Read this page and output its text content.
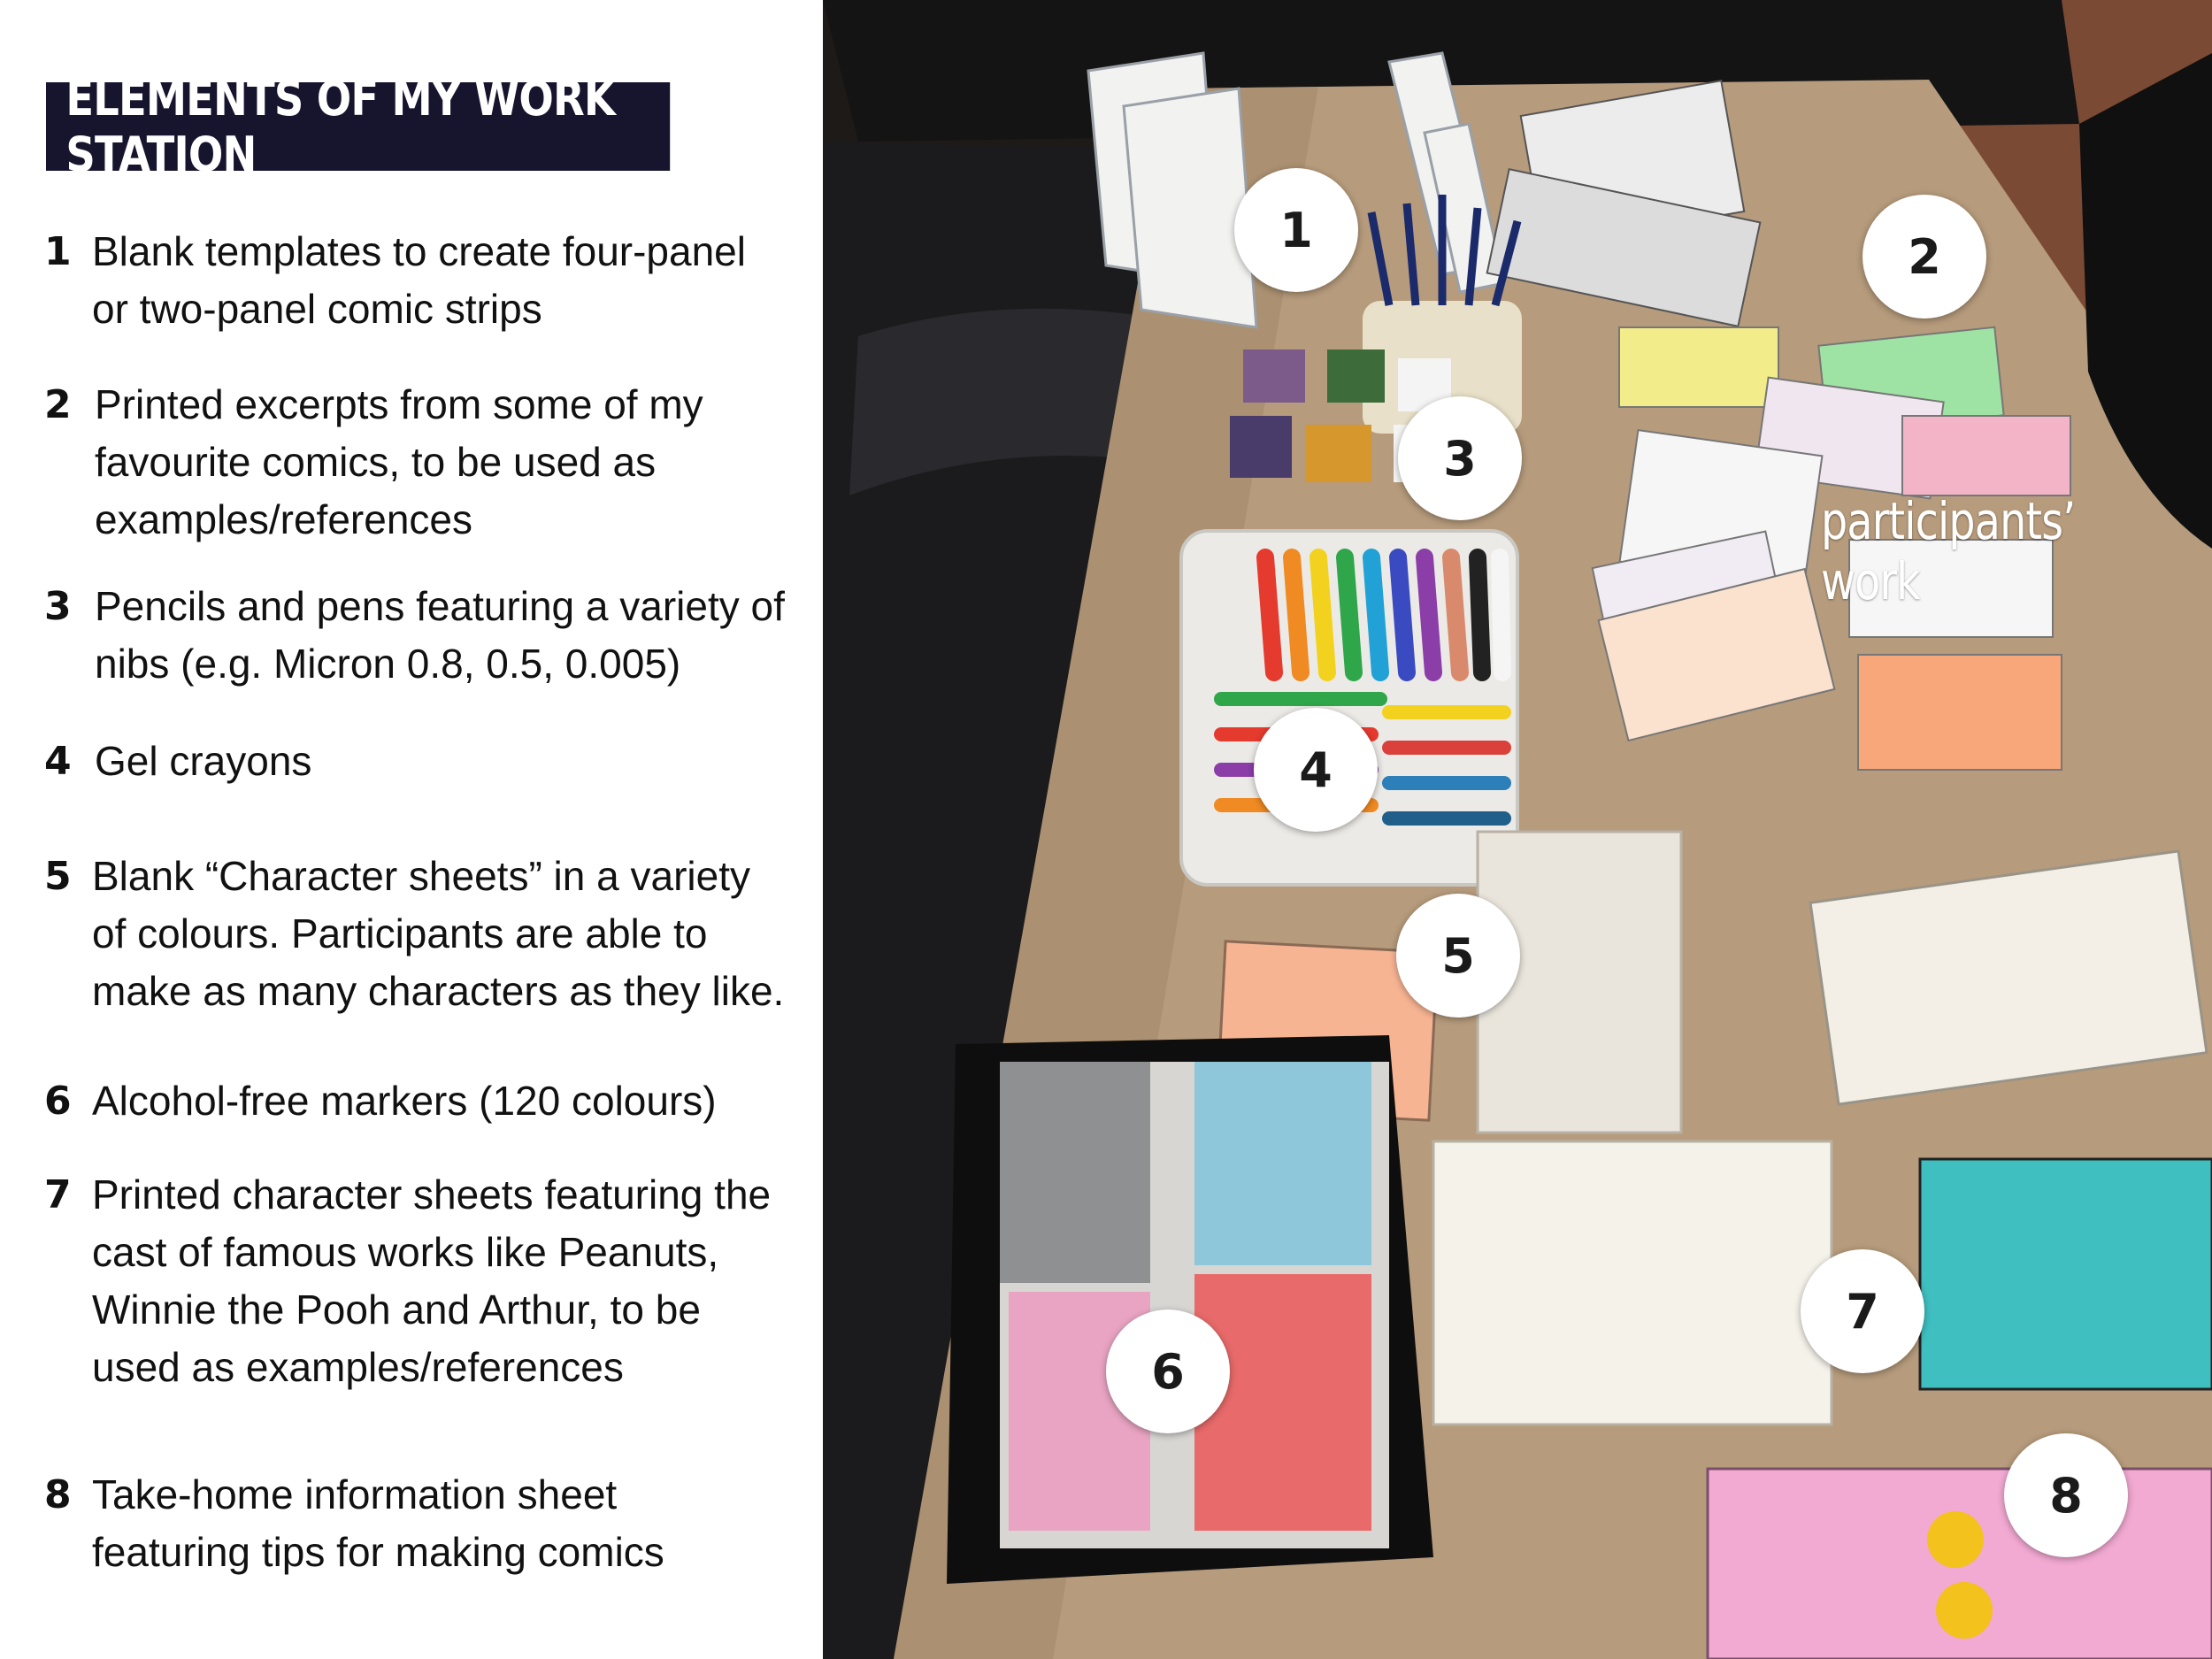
ELEMENTS OF MY WORK STATION
1 Blank templates to create four-panel
or two-panel comic strips
2 Printed excerpts from some of my
favourite comics, to be used as
examples/references
3 Pencils and pens featuring a variety of
nibs (e.g. Micron 0.8, 0.5, 0.005)
4 Gel crayons
5 Blank “Character sheets” in a variety
of colours. Participants are able to
make as many characters as they like.
6 Alcohol-free markers (120 colours)
7 Printed character sheets featuring the
cast of famous works like Peanuts,
Winnie the Pooh and Arthur, to be
used as examples/references
8 Take-home information sheet
featuring tips for making comics
1	2
3
4
5
6
7
8
participants’ work
